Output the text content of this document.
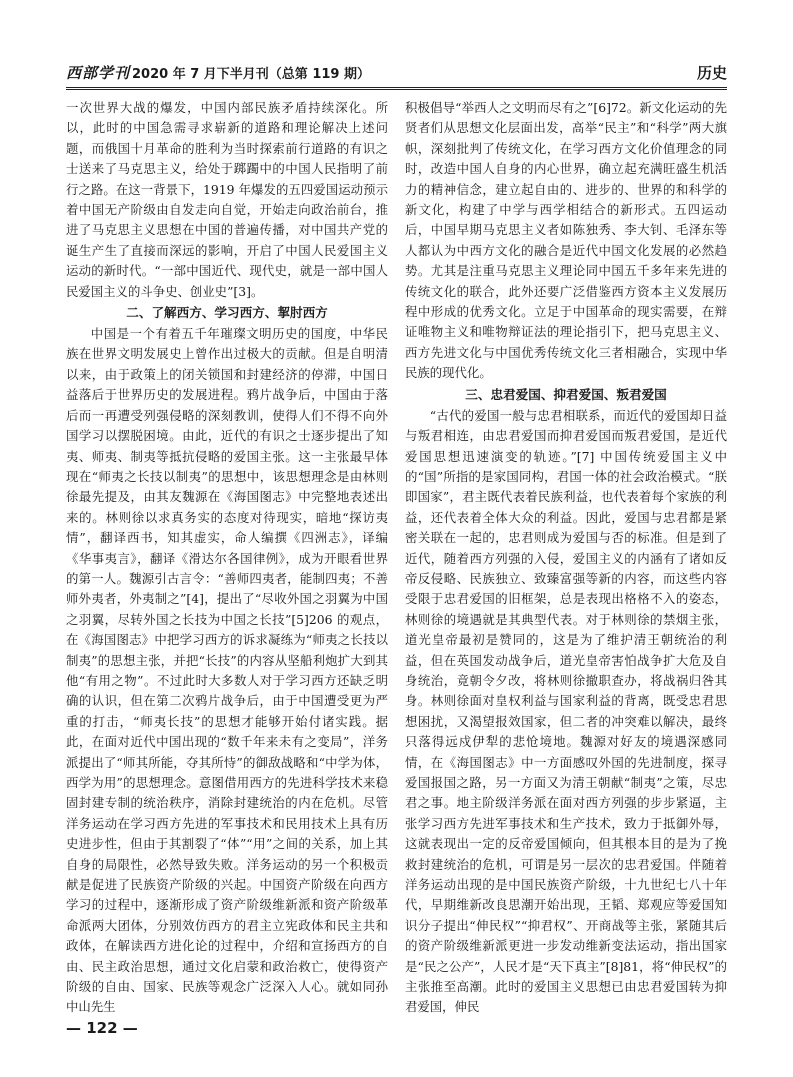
西部学刊 2020 年 7 月下半月刊（总第 119 期）	历史

一次世界大战的爆发，中国内部民族矛盾持续深化。所以，此时的中国急需寻求崭新的道路和理论解决上述问题，而俄国十月革命的胜利为当时探索前行道路的有识之士送来了马克思主义，给处于踯躅中的中国人民指明了前行之路。在这一背景下，1919 年爆发的五四爱国运动预示着中国无产阶级由自发走向自觉，开始走向政治前台，推进了马克思主义思想在中国的普遍传播，对中国共产党的诞生产生了直接而深远的影响，开启了中国人民爱国主义运动的新时代。“一部中国近代、现代史，就是一部中国人民爱国主义的斗争史、创业史”[3]。

二、了解西方、学习西方、挈肘西方

中国是一个有着五千年璀璨文明历史的国度，中华民族在世界文明发展史上曾作出过极大的贡献。但是自明清以来，由于政策上的闭关锁国和封建经济的停滞，中国日益落后于世界历史的发展进程。鸦片战争后，中国由于落后而一再遭受列强侵略的深刻教训，使得人们不得不向外国学习以摆脱困境。由此，近代的有识之士逐步提出了知夷、师夷、制夷等抵抗侵略的爱国主张。这一主张最早体现在“师夷之长技以制夷”的思想中，该思想理念是由林则徐最先提及，由其友魏源在《海国图志》中完整地表述出来的。林则徐以求真务实的态度对待现实，暗地“探访夷情”，翻译西书，知其虚实，命人编撰《四洲志》，译编《华事夷言》，翻译《滑达尔各国律例》，成为开眼看世界的第一人。魏源引古言令：“善师四夷者，能制四夷；不善师外夷者，外夷制之”[4]，提出了“尽收外国之羽翼为中国之羽翼，尽转外国之长技为中国之长技”[5]206 的观点，在《海国图志》中把学习西方的诉求凝练为“师夷之长技以制夷”的思想主张，并把“长技”的内容从坚船利炮扩大到其他“有用之物”。不过此时大多数人对于学习西方还缺乏明确的认识，但在第二次鸦片战争后，由于中国遭受更为严重的打击，“师夷长技”的思想才能够开始付诸实践。据此，在面对近代中国出现的“数千年来未有之变局”，洋务派提出了“师其所能，夺其所恃”的御敌战略和“中学为体，西学为用”的思想理念。意图借用西方的先进科学技术来稳固封建专制的统治秩序，消除封建统治的内在危机。尽管洋务运动在学习西方先进的军事技术和民用技术上具有历史进步性，但由于其割裂了“体”“用”之间的关系，加上其自身的局限性，必然导致失败。洋务运动的另一个积极贡献是促进了民族资产阶级的兴起。中国资产阶级在向西方学习的过程中，逐渐形成了资产阶级维新派和资产阶级革命派两大团体，分别效仿西方的君主立宪政体和民主共和政体，在解读西方进化论的过程中，介绍和宣扬西方的自由、民主政治思想，通过文化启蒙和政治救亡，使得资产阶级的自由、国家、民族等观念广泛深入人心。就如同孙中山先生

积极倡导“举西人之文明而尽有之”[6]72。新文化运动的先贤者们从思想文化层面出发，高举“民主”和“科学”两大旗帜，深刻批判了传统文化，在学习西方文化价值理念的同时，改造中国人自身的内心世界，确立起充满旺盛生机活力的精神信念，建立起自由的、进步的、世界的和科学的新文化，构建了中学与西学相结合的新形式。五四运动后，中国早期马克思主义者如陈独秀、李大钊、毛泽东等人都认为中西方文化的融合是近代中国文化发展的必然趋势。尤其是注重马克思主义理论同中国五千多年来先进的传统文化的联合，此外还要广泛借鉴西方资本主义发展历程中形成的优秀文化。立足于中国革命的现实需要，在辩证唯物主义和唯物辩证法的理论指引下，把马克思主义、西方先进文化与中国优秀传统文化三者相融合，实现中华民族的现代化。

三、忠君爱国、抑君爱国、叛君爱国

“古代的爱国一般与忠君相联系，而近代的爱国却日益与叛君相连，由忠君爱国而抑君爱国而叛君爱国，是近代爱国思想迅速演变的轨迹。”[7] 中国传统爱国主义中的“国”所指的是家国同构，君国一体的社会政治模式。“朕即国家”，君主既代表着民族利益，也代表着每个家族的利益，还代表着全体大众的利益。因此，爱国与忠君都是紧密关联在一起的，忠君则成为爱国与否的标准。但是到了近代，随着西方列强的入侵，爱国主义的内涵有了诸如反帝反侵略、民族独立、致臻富强等新的内容，而这些内容受限于忠君爱国的旧框架，总是表现出格格不入的姿态，林则徐的境遇就是其典型代表。对于林则徐的禁烟主张，道光皇帝最初是赞同的，这是为了维护清王朝统治的利益，但在英国发动战争后，道光皇帝害怕战争扩大危及自身统治，竟朝令夕改，将林则徐撤职查办，将战祸归咎其身。林则徐面对皇权利益与国家利益的背离，既受忠君思想困扰，又渴望报效国家，但二者的冲突难以解决，最终只落得远戍伊犁的悲怆境地。魏源对好友的境遇深感同情，在《海国图志》中一方面感叹外国的先进制度，探寻爱国报国之路，另一方面又为清王朝献“制夷”之策，尽忠君之事。地主阶级洋务派在面对西方列强的步步紧逼，主张学习西方先进军事技术和生产技术，致力于抵御外辱，这就表现出一定的反帝爱国倾向，但其根本目的是为了挽救封建统治的危机，可谓是另一层次的忠君爱国。伴随着洋务运动出现的是中国民族资产阶级，十九世纪七八十年代，早期维新改良思潮开始出现，王韬、郑观应等爱国知识分子提出“伸民权”“抑君权”、开商战等主张，紧随其后的资产阶级维新派更进一步发动维新变法运动，指出国家是“民之公产”，人民才是“天下真主”[8]81，将“伸民权”的主张推至高潮。此时的爱国主义思想已由忠君爱国转为抑君爱国，伸民

— 122 —
